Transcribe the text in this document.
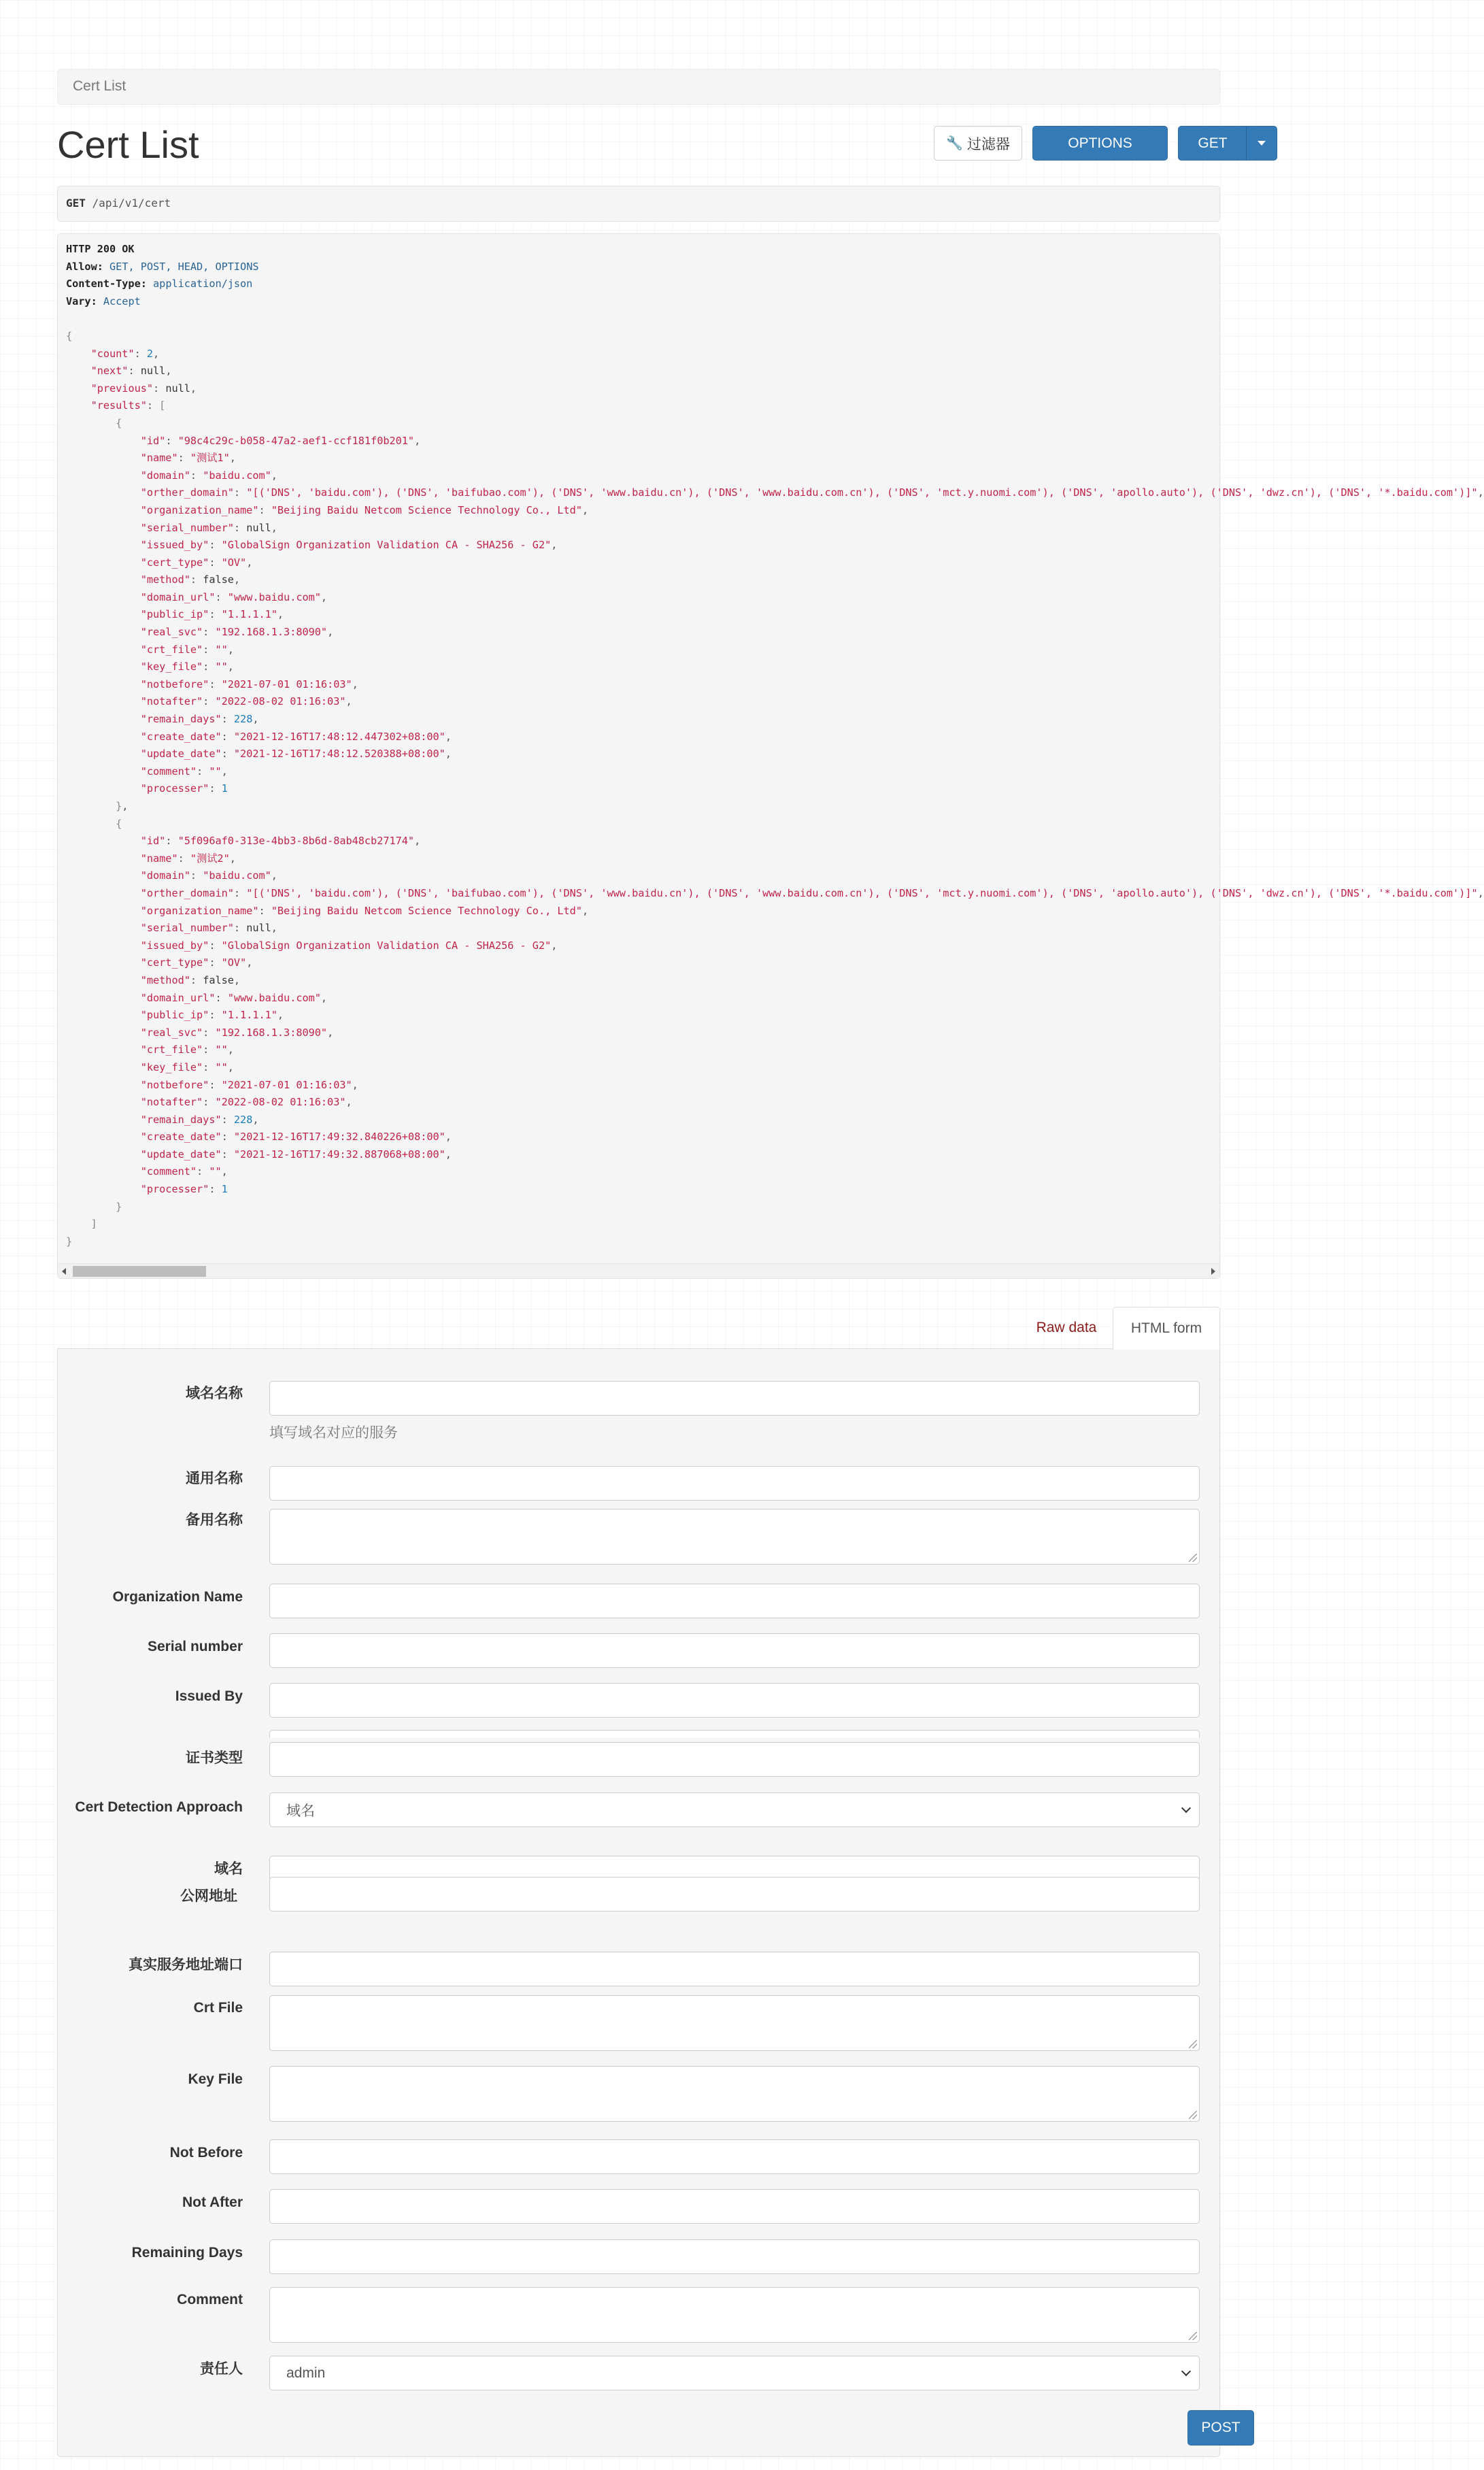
Cert List
Cert List	🔧 过滤器	OPTIONS	GET
GET /api/v1/cert
HTTP 200 OK
Allow: GET, POST, HEAD, OPTIONS
Content-Type: application/json
Vary: Accept

{
"count": 2,
"next": null,
"previous": null,
"results": [
{
"id": "98c4c29c-b058-47a2-aef1-ccf181f0b201",
"name": "测试1",
"domain": "baidu.com",
"orther_domain": "[('DNS', 'baidu.com'), ('DNS', 'baifubao.com'), ('DNS', 'www.baidu.cn'), ('DNS', 'www.baidu.com.cn'), ('DNS', 'mct.y.nuomi.com'), ('DNS', 'apollo.auto'), ('DNS', 'dwz.cn'), ('DNS', '*.baidu.com')]",
"organization_name": "Beijing Baidu Netcom Science Technology Co., Ltd",
"serial_number": null,
"issued_by": "GlobalSign Organization Validation CA - SHA256 - G2",
"cert_type": "OV",
"method": false,
"domain_url": "www.baidu.com",
"public_ip": "1.1.1.1",
"real_svc": "192.168.1.3:8090",
"crt_file": "",
"key_file": "",
"notbefore": "2021-07-01 01:16:03",
"notafter": "2022-08-02 01:16:03",
"remain_days": 228,
"create_date": "2021-12-16T17:48:12.447302+08:00",
"update_date": "2021-12-16T17:48:12.520388+08:00",
"comment": "",
"processer": 1
},
{
"id": "5f096af0-313e-4bb3-8b6d-8ab48cb27174",
"name": "测试2",
"domain": "baidu.com",
"orther_domain": "[('DNS', 'baidu.com'), ('DNS', 'baifubao.com'), ('DNS', 'www.baidu.cn'), ('DNS', 'www.baidu.com.cn'), ('DNS', 'mct.y.nuomi.com'), ('DNS', 'apollo.auto'), ('DNS', 'dwz.cn'), ('DNS', '*.baidu.com')]",
"organization_name": "Beijing Baidu Netcom Science Technology Co., Ltd",
"serial_number": null,
"issued_by": "GlobalSign Organization Validation CA - SHA256 - G2",
"cert_type": "OV",
"method": false,
"domain_url": "www.baidu.com",
"public_ip": "1.1.1.1",
"real_svc": "192.168.1.3:8090",
"crt_file": "",
"key_file": "",
"notbefore": "2021-07-01 01:16:03",
"notafter": "2022-08-02 01:16:03",
"remain_days": 228,
"create_date": "2021-12-16T17:49:32.840226+08:00",
"update_date": "2021-12-16T17:49:32.887068+08:00",
"comment": "",
"processer": 1
}
]
}
Raw data	HTML form
域名名称
填写域名对应的服务
通用名称
备用名称
Organization Name
Serial number
Issued By
证书类型
Cert Detection Approach	域名
域名
公网地址
真实服务地址端口
Crt File
Key File
Not Before
Not After
Remaining Days
Comment
责任人	admin
POST
